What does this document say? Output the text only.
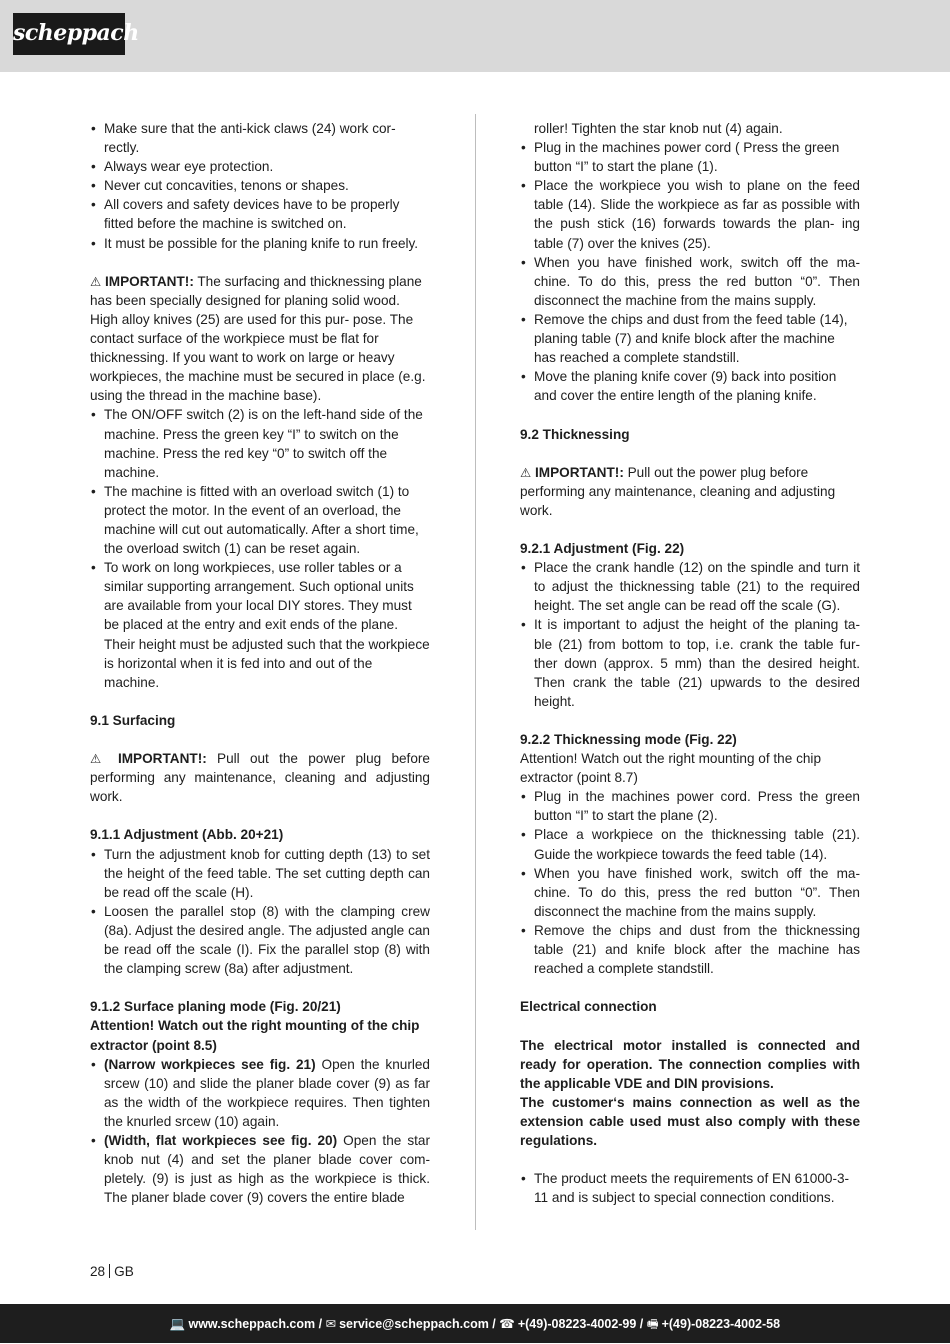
scheppach
• Make sure that the anti-kick claws (24) work cor- rectly.
• Always wear eye protection.
• Never cut concavities, tenons or shapes.
• All covers and safety devices have to be properly fitted before the machine is switched on.
• It must be possible for the planing knife to run freely.

⚠ IMPORTANT!: The surfacing and thicknessing plane has been specially designed for planing solid wood. High alloy knives (25) are used for this pur- pose. The contact surface of the workpiece must be flat for thicknessing. If you want to work on large or heavy workpieces, the machine must be secured in place (e.g. using the thread in the machine base).

• The ON/OFF switch (2) is on the left-hand side of the machine. Press the green key “I” to switch on the machine. Press the red key “0” to switch off the machine.
• The machine is fitted with an overload switch (1) to protect the motor. In the event of an overload, the machine will cut out automatically. After a short time, the overload switch (1) can be reset again.
• To work on long workpieces, use roller tables or a similar supporting arrangement. Such optional units are available from your local DIY stores. They must be placed at the entry and exit ends of the plane. Their height must be adjusted such that the workpiece is horizontal when it is fed into and out of the machine.

9.1 Surfacing

⚠ IMPORTANT!: Pull out the power plug before performing any maintenance, cleaning and adjusting work.

9.1.1 Adjustment (Abb. 20+21)

• Turn the adjustment knob for cutting depth (13) to set the height of the feed table. The set cutting depth can be read off the scale (H).
• Loosen the parallel stop (8) with the clamping crew (8a). Adjust the desired angle. The adjusted angle can be read off the scale (I). Fix the parallel stop (8) with the clamping screw (8a) after adjustment.

9.1.2 Surface planing mode (Fig. 20/21)

Attention! Watch out the right mounting of the chip extractor (point 8.5)

• (Narrow workpieces see fig. 21) Open the knurled srcew (10) and slide the planer blade cover (9) as far as the width of the workpiece requires. Then tighten the knurled srcew (10) again.
• (Width, flat workpieces see fig. 20) Open the star knob nut (4) and set the planer blade cover com- pletely. (9) is just as high as the workpiece is thick. The planer blade cover (9) covers the entire blade
roller! Tighten the star knob nut (4) again.
• Plug in the machines power cord ( Press the green button “I” to start the plane (1).
• Place the workpiece you wish to plane on the feed table (14). Slide the workpiece as far as possible with the push stick (16) forwards towards the plan- ing table (7) over the knives (25).
• When you have finished work, switch off the ma- chine. To do this, press the red button “0”. Then disconnect the machine from the mains supply.
• Remove the chips and dust from the feed table (14), planing table (7) and knife block after the machine has reached a complete standstill.
• Move the planing knife cover (9) back into position and cover the entire length of the planing knife.

9.2 Thicknessing

⚠ IMPORTANT!: Pull out the power plug before performing any maintenance, cleaning and adjusting work.

9.2.1 Adjustment (Fig. 22)

• Place the crank handle (12) on the spindle and turn it to adjust the thicknessing table (21) to the required height. The set angle can be read off the scale (G).
• It is important to adjust the height of the planing ta- ble (21) from bottom to top, i.e. crank the table fur- ther down (approx. 5 mm) than the desired height. Then crank the table (21) upwards to the desired height.

9.2.2 Thicknessing mode (Fig. 22)

Attention! Watch out the right mounting of the chip extractor (point 8.7)

• Plug in the machines power cord. Press the green button “I” to start the plane (2).
• Place a workpiece on the thicknessing table (21). Guide the workpiece towards the feed table (14).
• When you have finished work, switch off the ma- chine. To do this, press the red button “0”. Then disconnect the machine from the mains supply.
• Remove the chips and dust from the thicknessing table (21) and knife block after the machine has reached a complete standstill.

Electrical connection

The electrical motor installed is connected and ready for operation. The connection complies with the applicable VDE and DIN provisions.

The customer‘s mains connection as well as the extension cable used must also comply with these regulations.

• The product meets the requirements of EN 61000-3-11 and is subject to special connection conditions.
28 GB
💻 www.scheppach.com / ✉ service@scheppach.com / ☎ +(49)-08223-4002-99 / 🖷 +(49)-08223-4002-58
